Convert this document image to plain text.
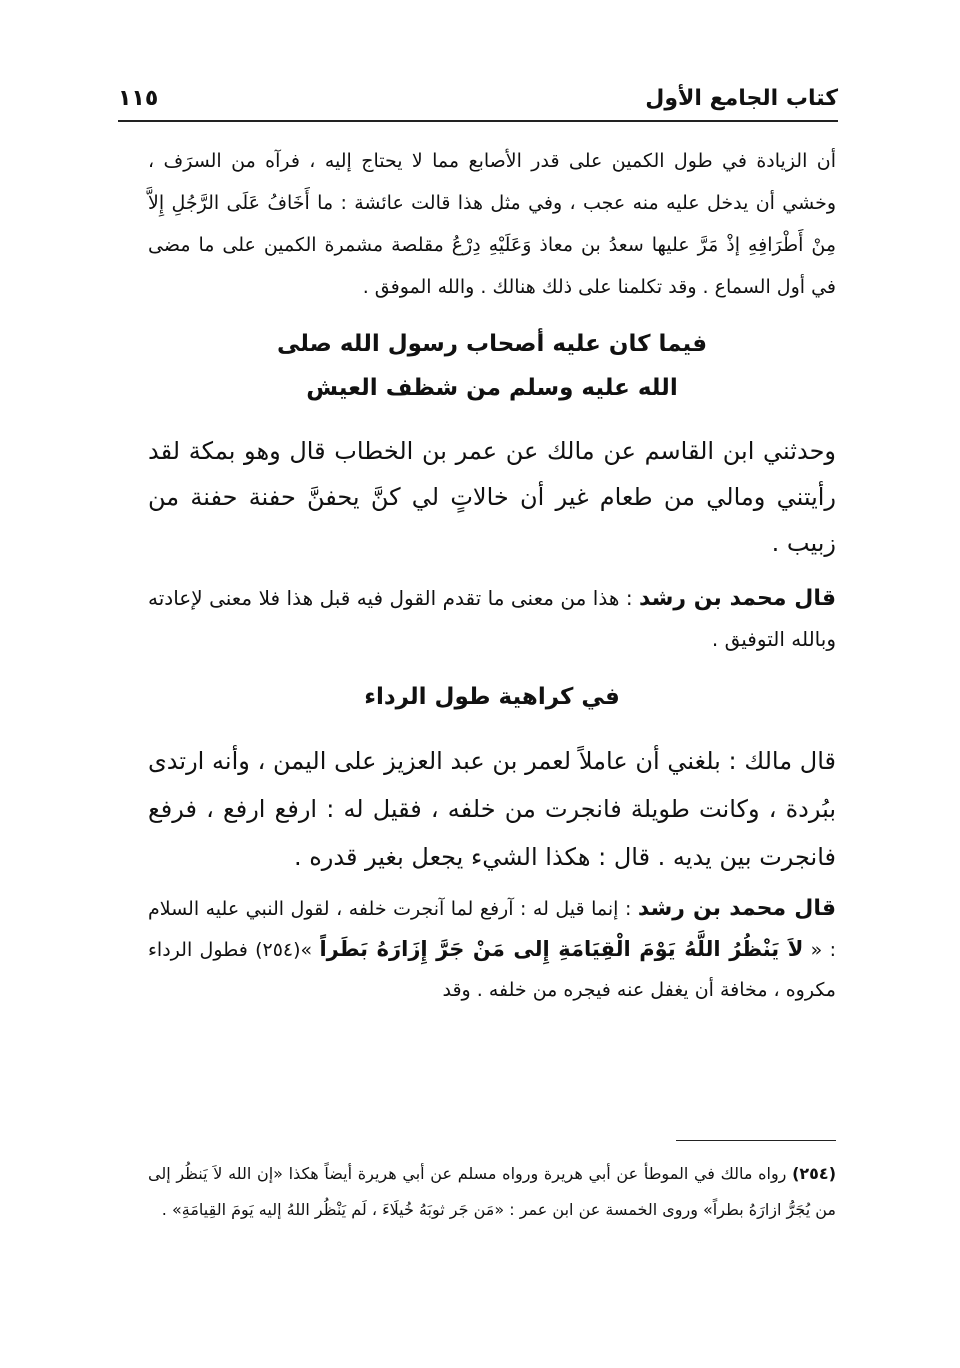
كتاب الجامع الأول
١١٥

أن الزيادة في طول الكمين على قدر الأصابع مما لا يحتاج إليه ، فرآه من السرَف ، وخشي أن يدخل عليه منه عجب ، وفي مثل هذا قالت عائشة : ما أَخَافُ عَلَى الرَّجُلِ إِلاَّ مِنْ أَطْرَافِهِ إذْ مَرَّ عليها سعدُ بن معاذ وَعَلَيْهِ دِرْعُ مقلصة مشمرة الكمين على ما مضى في أول السماع . وقد تكلمنا على ذلك هنالك . والله الموفق .

فيما كان عليه أصحاب رسول الله صلى
الله عليه وسلم من شظف العيش

وحدثني ابن القاسم عن مالك عن عمر بن الخطاب قال وهو بمكة لقد رأيتني ومالي من طعام غير أن خالاتٍ لي كنَّ يحفنَّ حفنة حفنة من زبيب .

قال محمد بن رشد : هذا من معنى ما تقدم القول فيه قبل هذا فلا معنى لإعادته وبالله التوفيق .

في كراهية طول الرداء

قال مالك : بلغني أن عاملاً لعمر بن عبد العزيز على اليمن ، وأنه ارتدى ببُردة ، وكانت طويلة فانجرت من خلفه ، فقيل له : ارفع ارفع ، فرفع فانجرت بين يديه . قال : هكذا الشيء يجعل بغير قدره .

قال محمد بن رشد : إنما قيل له : آرفع لما آنجرت خلفه ، لقول النبي عليه السلام : « لاَ يَنْظُرُ اللَّهُ يَوْمَ الْقِيَامَةِ إِلى مَنْ جَرَّ إِزَارَهُ بَطَراً »(٢٥٤) فطول الرداء مكروه ، مخافة أن يغفل عنه فيجره من خلفه . وقد

(٢٥٤) رواه مالك في الموطأ عن أبي هريرة ورواه مسلم عن أبي هريرة أيضاً هكذا «إن الله لاَ يَنظُر إلى من يُجَرُّ ازارَهُ بطراً» وروى الخمسة عن ابن عمر : «مَن جَر ثوبَهُ خُيلَاءَ ، لَم يَنْظُر اللهُ إليه يَومَ القِيامَةِ» .
